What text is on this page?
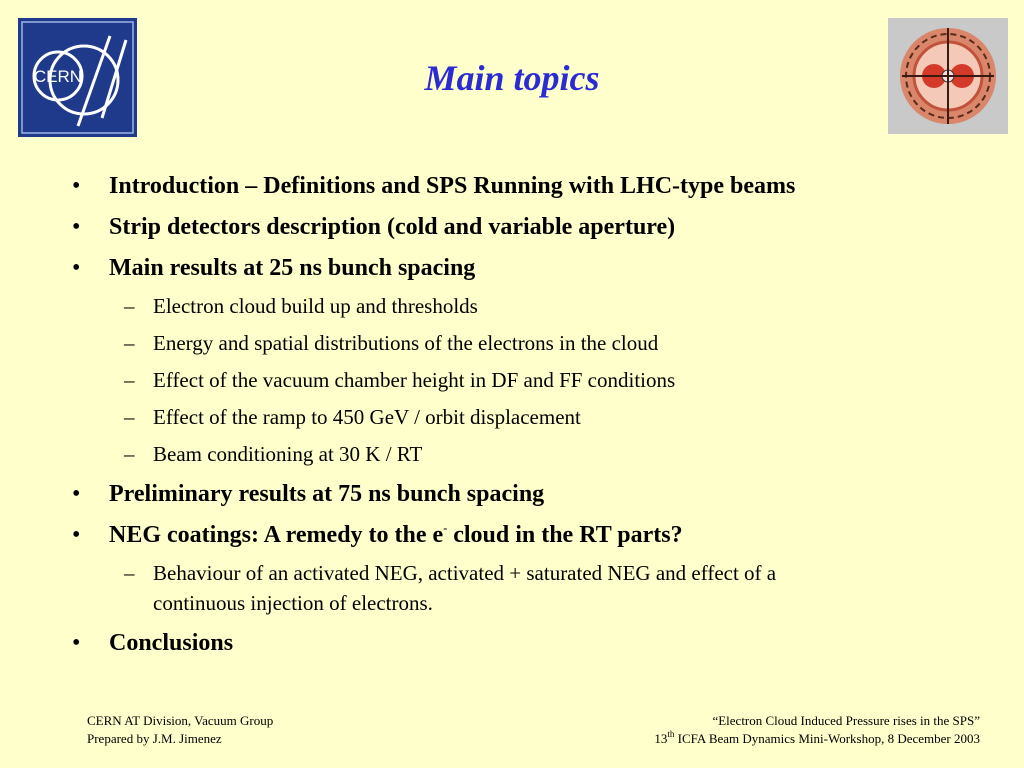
CERN	Main topics
• Introduction – Definitions and SPS Running with LHC-type beams
• Strip detectors description (cold and variable aperture)
• Main results at 25 ns bunch spacing
– Electron cloud build up and thresholds
– Energy and spatial distributions of the electrons in the cloud
– Effect of the vacuum chamber height in DF and FF conditions
– Effect of the ramp to 450 GeV / orbit displacement
– Beam conditioning at 30 K / RT
• Preliminary results at 75 ns bunch spacing
• NEG coatings: A remedy to the e- cloud in the RT parts?
– Behaviour of an activated NEG, activated + saturated NEG and effect of a
continuous injection of electrons.
• Conclusions
CERN AT Division, Vacuum Group
Prepared by J.M. Jimenez
“Electron Cloud Induced Pressure rises in the SPS”
13th ICFA Beam Dynamics Mini-Workshop, 8 December 2003
